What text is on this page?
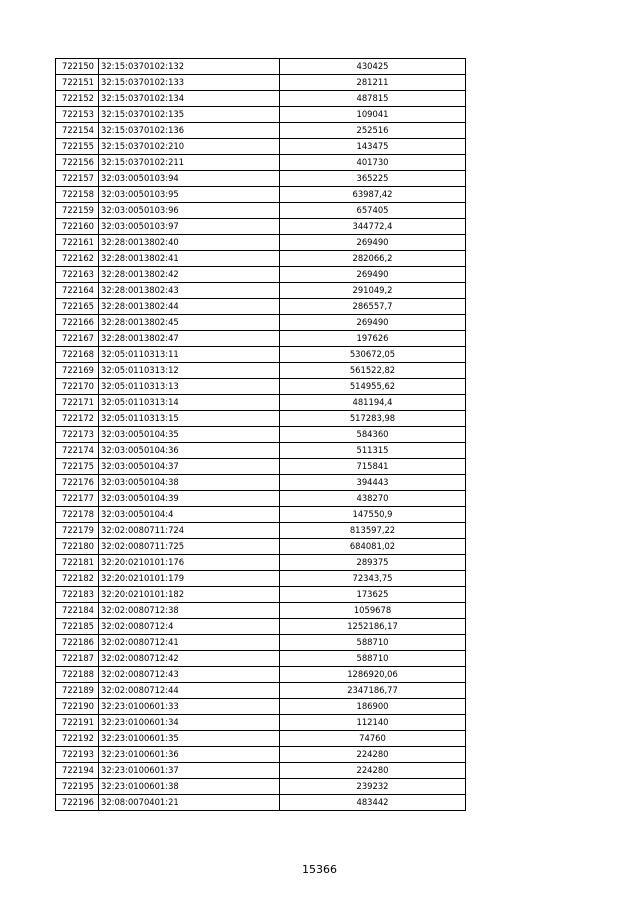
722150	32:15:0370102:132	430425
722151	32:15:0370102:133	281211
722152	32:15:0370102:134	487815
722153	32:15:0370102:135	109041
722154	32:15:0370102:136	252516
722155	32:15:0370102:210	143475
722156	32:15:0370102:211	401730
722157	32:03:0050103:94	365225
722158	32:03:0050103:95	63987,42
722159	32:03:0050103:96	657405
722160	32:03:0050103:97	344772,4
722161	32:28:0013802:40	269490
722162	32:28:0013802:41	282066,2
722163	32:28:0013802:42	269490
722164	32:28:0013802:43	291049,2
722165	32:28:0013802:44	286557,7
722166	32:28:0013802:45	269490
722167	32:28:0013802:47	197626
722168	32:05:0110313:11	530672,05
722169	32:05:0110313:12	561522,82
722170	32:05:0110313:13	514955,62
722171	32:05:0110313:14	481194,4
722172	32:05:0110313:15	517283,98
722173	32:03:0050104:35	584360
722174	32:03:0050104:36	511315
722175	32:03:0050104:37	715841
722176	32:03:0050104:38	394443
722177	32:03:0050104:39	438270
722178	32:03:0050104:4	147550,9
722179	32:02:0080711:724	813597,22
722180	32:02:0080711:725	684081,02
722181	32:20:0210101:176	289375
722182	32:20:0210101:179	72343,75
722183	32:20:0210101:182	173625
722184	32:02:0080712:38	1059678
722185	32:02:0080712:4	1252186,17
722186	32:02:0080712:41	588710
722187	32:02:0080712:42	588710
722188	32:02:0080712:43	1286920,06
722189	32:02:0080712:44	2347186,77
722190	32:23:0100601:33	186900
722191	32:23:0100601:34	112140
722192	32:23:0100601:35	74760
722193	32:23:0100601:36	224280
722194	32:23:0100601:37	224280
722195	32:23:0100601:38	239232
722196	32:08:0070401:21	483442
15366
